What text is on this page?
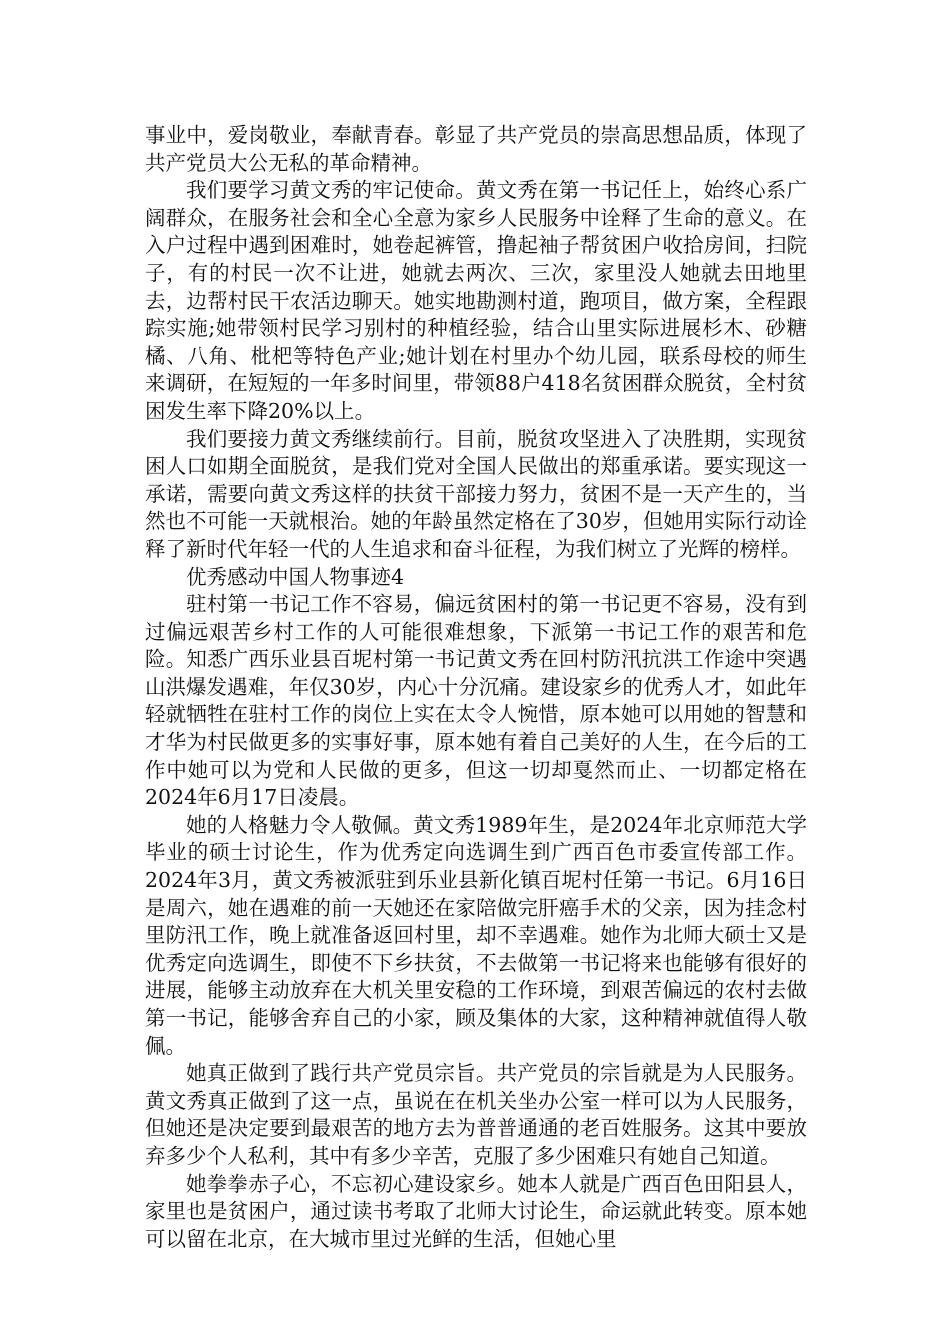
事业中，爱岗敬业，奉献青春。彰显了共产党员的崇高思想品质，体现了共产党员大公无私的革命精神。

我们要学习黄文秀的牢记使命。黄文秀在第一书记任上，始终心系广阔群众，在服务社会和全心全意为家乡人民服务中诠释了生命的意义。在入户过程中遇到困难时，她卷起裤管，撸起袖子帮贫困户收拾房间，扫院子，有的村民一次不让进，她就去两次、三次，家里没人她就去田地里去，边帮村民干农活边聊天。她实地勘测村道，跑项目，做方案，全程跟踪实施;她带领村民学习别村的种植经验，结合山里实际进展杉木、砂糖橘、八角、枇杷等特色产业;她计划在村里办个幼儿园，联系母校的师生来调研，在短短的一年多时间里，带领88户418名贫困群众脱贫，全村贫困发生率下降20%以上。

我们要接力黄文秀继续前行。目前，脱贫攻坚进入了决胜期，实现贫困人口如期全面脱贫，是我们党对全国人民做出的郑重承诺。要实现这一承诺，需要向黄文秀这样的扶贫干部接力努力，贫困不是一天产生的，当然也不可能一天就根治。她的年龄虽然定格在了30岁，但她用实际行动诠释了新时代年轻一代的人生追求和奋斗征程，为我们树立了光辉的榜样。

优秀感动中国人物事迹4

驻村第一书记工作不容易，偏远贫困村的第一书记更不容易，没有到过偏远艰苦乡村工作的人可能很难想象，下派第一书记工作的艰苦和危险。知悉广西乐业县百坭村第一书记黄文秀在回村防汛抗洪工作途中突遇山洪爆发遇难，年仅30岁，内心十分沉痛。建设家乡的优秀人才，如此年轻就牺牲在驻村工作的岗位上实在太令人惋惜，原本她可以用她的智慧和才华为村民做更多的实事好事，原本她有着自己美好的人生，在今后的工作中她可以为党和人民做的更多，但这一切却戛然而止、一切都定格在2024年6月17日凌晨。

她的人格魅力令人敬佩。黄文秀1989年生，是2024年北京师范大学毕业的硕士讨论生，作为优秀定向选调生到广西百色市委宣传部工作。2024年3月，黄文秀被派驻到乐业县新化镇百坭村任第一书记。6月16日是周六，她在遇难的前一天她还在家陪做完肝癌手术的父亲，因为挂念村里防汛工作，晚上就准备返回村里，却不幸遇难。她作为北师大硕士又是优秀定向选调生，即使不下乡扶贫，不去做第一书记将来也能够有很好的进展，能够主动放弃在大机关里安稳的工作环境，到艰苦偏远的农村去做第一书记，能够舍弃自己的小家，顾及集体的大家，这种精神就值得人敬佩。

她真正做到了践行共产党员宗旨。共产党员的宗旨就是为人民服务。黄文秀真正做到了这一点，虽说在在机关坐办公室一样可以为人民服务，但她还是决定要到最艰苦的地方去为普普通通的老百姓服务。这其中要放弃多少个人私利，其中有多少辛苦，克服了多少困难只有她自己知道。

她拳拳赤子心，不忘初心建设家乡。她本人就是广西百色田阳县人，家里也是贫困户，通过读书考取了北师大讨论生，命运就此转变。原本她可以留在北京，在大城市里过光鲜的生活，但她心里
